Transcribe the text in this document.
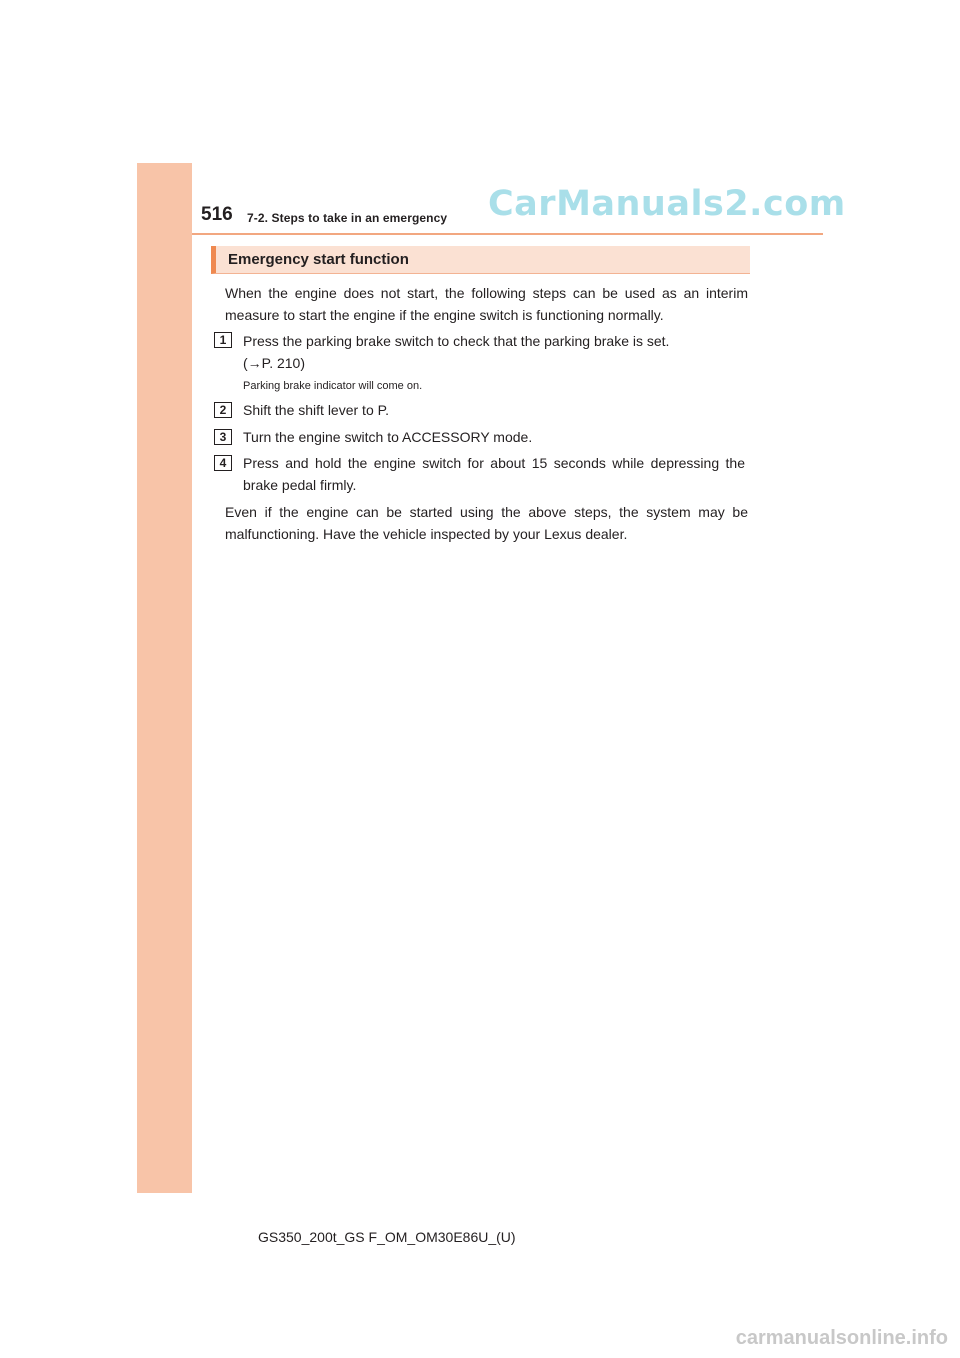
516 7-2. Steps to take in an emergency CarManuals2.com
Emergency start function
When the engine does not start, the following steps can be used as an interim measure to start the engine if the engine switch is functioning normally.
1	Press the parking brake switch to check that the parking brake is set.
(→P. 210)
Parking brake indicator will come on.
2	Shift the shift lever to P.
3	Turn the engine switch to ACCESSORY mode.
4	Press and hold the engine switch for about 15 seconds while depressing the brake pedal firmly.
Even if the engine can be started using the above steps, the system may be malfunctioning. Have the vehicle inspected by your Lexus dealer.
GS350_200t_GS F_OM_OM30E86U_(U)
carmanualsonline.info
